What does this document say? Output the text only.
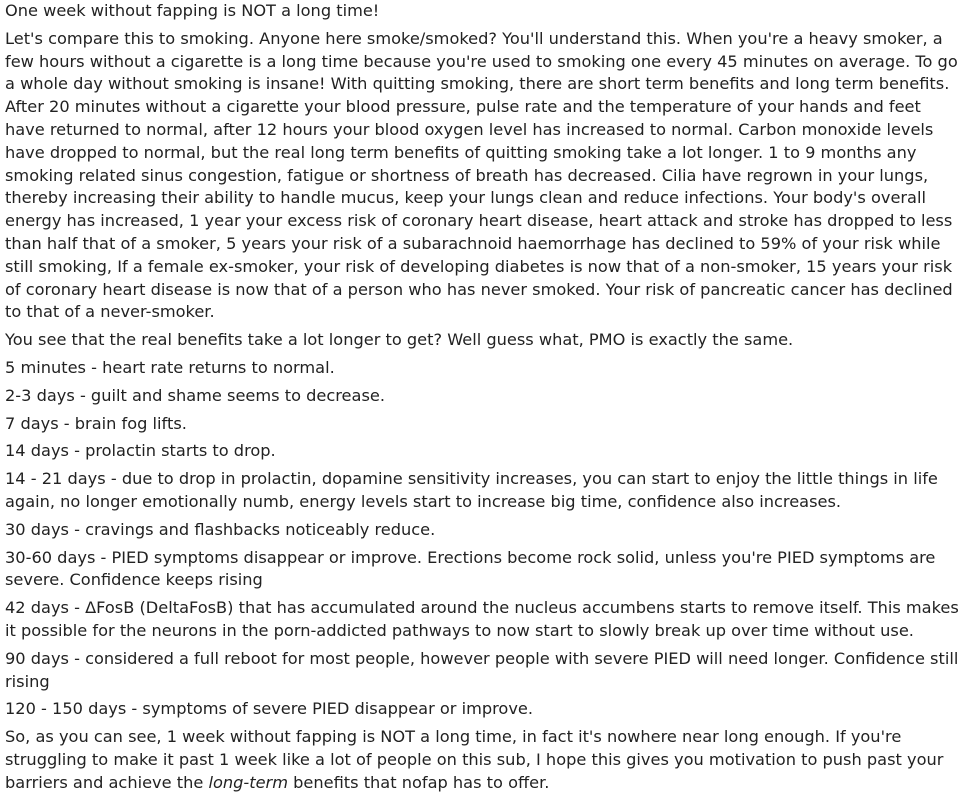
One week without fapping is NOT a long time!

Let's compare this to smoking. Anyone here smoke/smoked? You'll understand this. When you're a heavy smoker, a few hours without a cigarette is a long time because you're used to smoking one every 45 minutes on average. To go a whole day without smoking is insane! With quitting smoking, there are short term benefits and long term benefits. After 20 minutes without a cigarette your blood pressure, pulse rate and the temperature of your hands and feet have returned to normal, after 12 hours your blood oxygen level has increased to normal. Carbon monoxide levels have dropped to normal, but the real long term benefits of quitting smoking take a lot longer. 1 to 9 months any smoking related sinus congestion, fatigue or shortness of breath has decreased. Cilia have regrown in your lungs, thereby increasing their ability to handle mucus, keep your lungs clean and reduce infections. Your body's overall energy has increased, 1 year your excess risk of coronary heart disease, heart attack and stroke has dropped to less than half that of a smoker, 5 years your risk of a subarachnoid haemorrhage has declined to 59% of your risk while still smoking, If a female ex-smoker, your risk of developing diabetes is now that of a non-smoker, 15 years your risk of coronary heart disease is now that of a person who has never smoked. Your risk of pancreatic cancer has declined to that of a never-smoker.

You see that the real benefits take a lot longer to get? Well guess what, PMO is exactly the same.

5 minutes - heart rate returns to normal.

2-3 days - guilt and shame seems to decrease.

7 days - brain fog lifts.

14 days - prolactin starts to drop.

14 - 21 days - due to drop in prolactin, dopamine sensitivity increases, you can start to enjoy the little things in life again, no longer emotionally numb, energy levels start to increase big time, confidence also increases.

30 days - cravings and flashbacks noticeably reduce.

30-60 days - PIED symptoms disappear or improve. Erections become rock solid, unless you're PIED symptoms are severe. Confidence keeps rising

42 days - ΔFosB (DeltaFosB) that has accumulated around the nucleus accumbens starts to remove itself. This makes it possible for the neurons in the porn-addicted pathways to now start to slowly break up over time without use.

90 days - considered a full reboot for most people, however people with severe PIED will need longer. Confidence still rising

120 - 150 days - symptoms of severe PIED disappear or improve.

So, as you can see, 1 week without fapping is NOT a long time, in fact it's nowhere near long enough. If you're struggling to make it past 1 week like a lot of people on this sub, I hope this gives you motivation to push past your barriers and achieve the long-term benefits that nofap has to offer.
